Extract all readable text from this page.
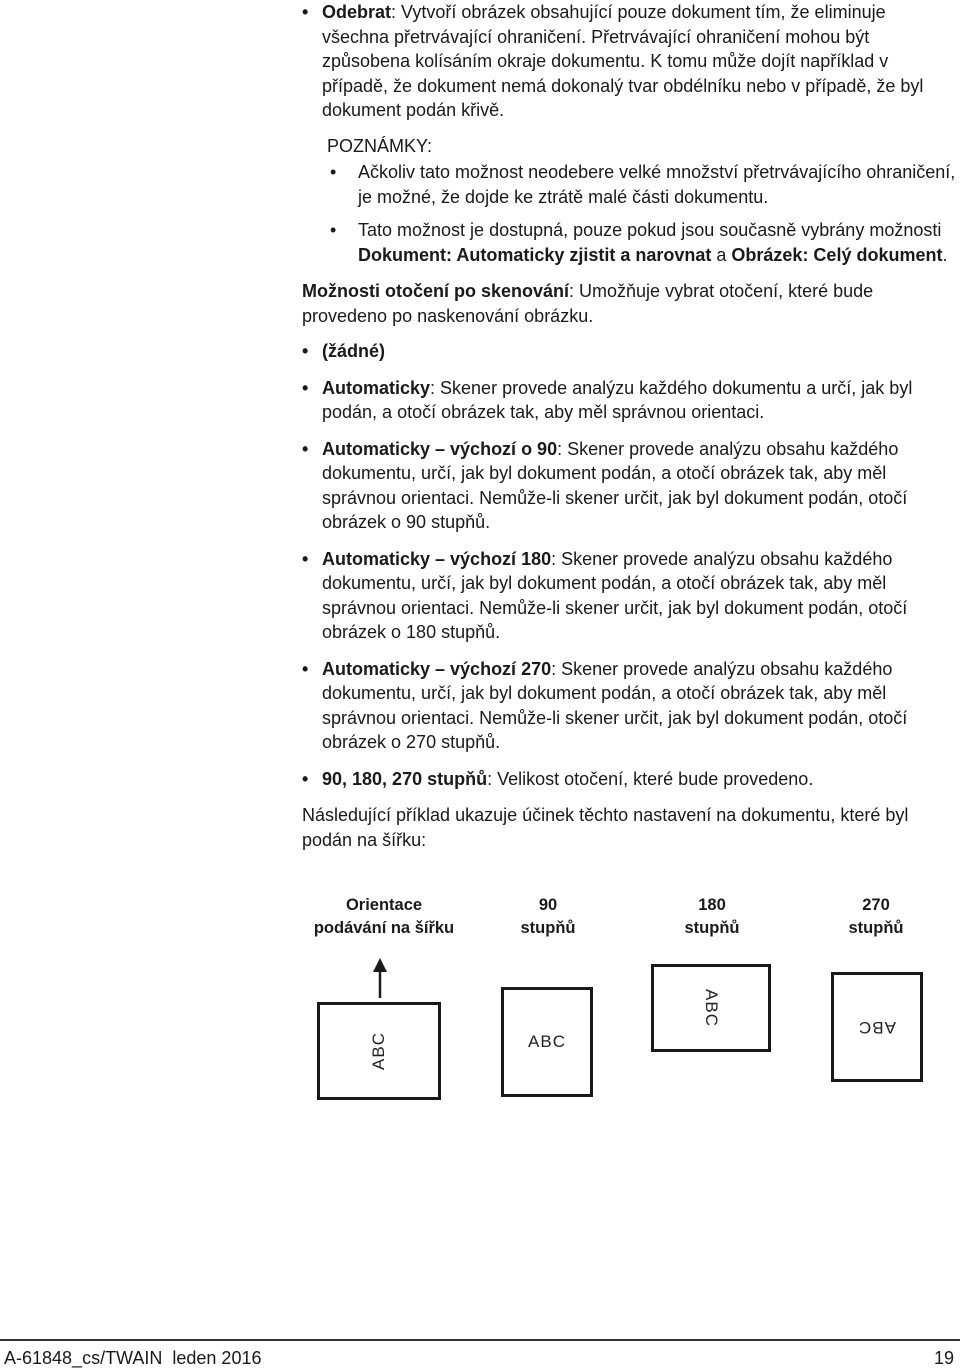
• Odebrat: Vytvoří obrázek obsahující pouze dokument tím, že eliminuje všechna přetrvávající ohraničení. Přetrvávající ohraničení mohou být způsobena kolísáním okraje dokumentu. K tomu může dojít například v případě, že dokument nemá dokonalý tvar obdélníku nebo v případě, že byl dokument podán křivě.
POZNÁMKY:
• Ačkoliv tato možnost neodebere velké množství přetrvávajícího ohraničení, je možné, že dojde ke ztrátě malé části dokumentu.
• Tato možnost je dostupná, pouze pokud jsou současně vybrány možnosti Dokument: Automaticky zjistit a narovnat a Obrázek: Celý dokument.
Možnosti otočení po skenování: Umožňuje vybrat otočení, které bude provedeno po naskenování obrázku.
• (žádné)
• Automaticky: Skener provede analýzu každého dokumentu a určí, jak byl podán, a otočí obrázek tak, aby měl správnou orientaci.
• Automaticky – výchozí o 90: Skener provede analýzu obsahu každého dokumentu, určí, jak byl dokument podán, a otočí obrázek tak, aby měl správnou orientaci. Nemůže-li skener určit, jak byl dokument podán, otočí obrázek o 90 stupňů.
• Automaticky – výchozí 180: Skener provede analýzu obsahu každého dokumentu, určí, jak byl dokument podán, a otočí obrázek tak, aby měl správnou orientaci. Nemůže-li skener určit, jak byl dokument podán, otočí obrázek o 180 stupňů.
• Automaticky – výchozí 270: Skener provede analýzu obsahu každého dokumentu, určí, jak byl dokument podán, a otočí obrázek tak, aby měl správnou orientaci. Nemůže-li skener určit, jak byl dokument podán, otočí obrázek o 270 stupňů.
• 90, 180, 270 stupňů: Velikost otočení, které bude provedeno.
Následující příklad ukazuje účinek těchto nastavení na dokumentu, které byl podán na šířku:
Orientace
podávání na šířku
90
stupňů
180
stupňů
270
stupňů
ABC	ABC
ABC
ABC
A-61848_cs/TWAIN  leden 2016	19
